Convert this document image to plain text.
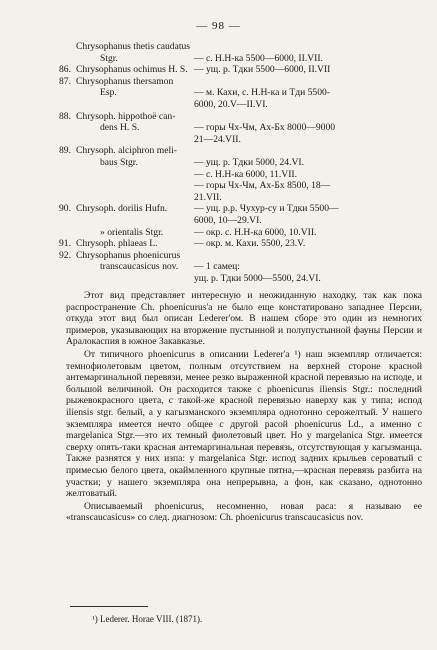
— 98 —
Chrysophanus thetis caudatus
Stgr.	— с. Н.Н-ка 5500—6000, II.VII.
86. Chrysophanus ochimus H. S. — ущ. р. Тдки 5500—6000, II.VII
87. Chrysophanus thersamon
Esp.	— м. Кахи, с. Н.Н-ка и Тди 5500-
6000, 20.V—II.VI.
88. Chrysoph. hippothoë can-
dens H. S.	— горы Чх-Чм, Ах-Бх 8000—9000
21—24.VII.
89. Chrysoph. alciphron meli-
baus Stgr.	— ущ. р. Тдки 5000, 24.VI.
— с. Н.Н-ка 6000, 11.VII.
— горы Чх-Чм, Ах-Бх 8500, 18—
21.VII.
90. Chrysoph. dorilis Hufn.	— ущ. р.р. Чухур-су и Тдки 5500—
6000, 10—29.VI.
» orientalis Stgr.	— окр. с. Н.Н-ка 6000, 10.VII.
91. Chrysoph. phlaeas L.	— окр. м. Кахи. 5500, 23.V.
92. Chrysophanus phoenicurus
transcaucasicus nov. — 1 самец:
ущ. р. Тдки 5000—5500, 24.VI.

Этот вид представляет интересную и неожиданную находку, так как пока распространение Ch. phoenicurus'а не было еще констатировано западнее Персии, откуда этот вид был описан Lederer'ом. В нашем сборе это один из немногих примеров, указывающих на вторжение пустынной и полупустынной фауны Персии и Аралокаспия в южное Закавказье.

От типичного phoenicurus в описании Lederer'а ¹) наш экземпляр отличается: темнофиолетовым цветом, полным отсутствием на верхней стороне красной антемаргинальной перевязи, менее резко выраженной красной перевязью на исподе, и большой величиной. Он расходится также с phoenicurus iliensis Stgr.: последний рыжевокрасного цвета, с такой-же красной перевязью наверху как у типа; испод iliensis stgr. белый, а у кагызманского экземпляра однотонно серожелтый. У нашего экземпляра имеется нечто общее с другой расой phoenicurus Ld., а именно с margelanica Stgr.—это их темный фиолетовый цвет. Но у margelanica Stgr. имеется сверху опять-таки красная антемаргинальная перевязь, отсутствующая у кагызманца. Также разнятся у них изпа: у margelanica Stgr. испод задних крыльев сероватый с примесью белого цвета, окаймленного крупные пятна,—красная перевязь разбита на участки; у нашего экземпляра она непрерывна, а фон, как сказано, однотонно желтоватый.

Описываемый phoenicurus, несомненно, новая раса: я называю ее «transcaucasicus» со след. диагнозом: Ch. phoenicurus transcaucasicus nov.

¹) Lederer. Horae VIII. (1871).
